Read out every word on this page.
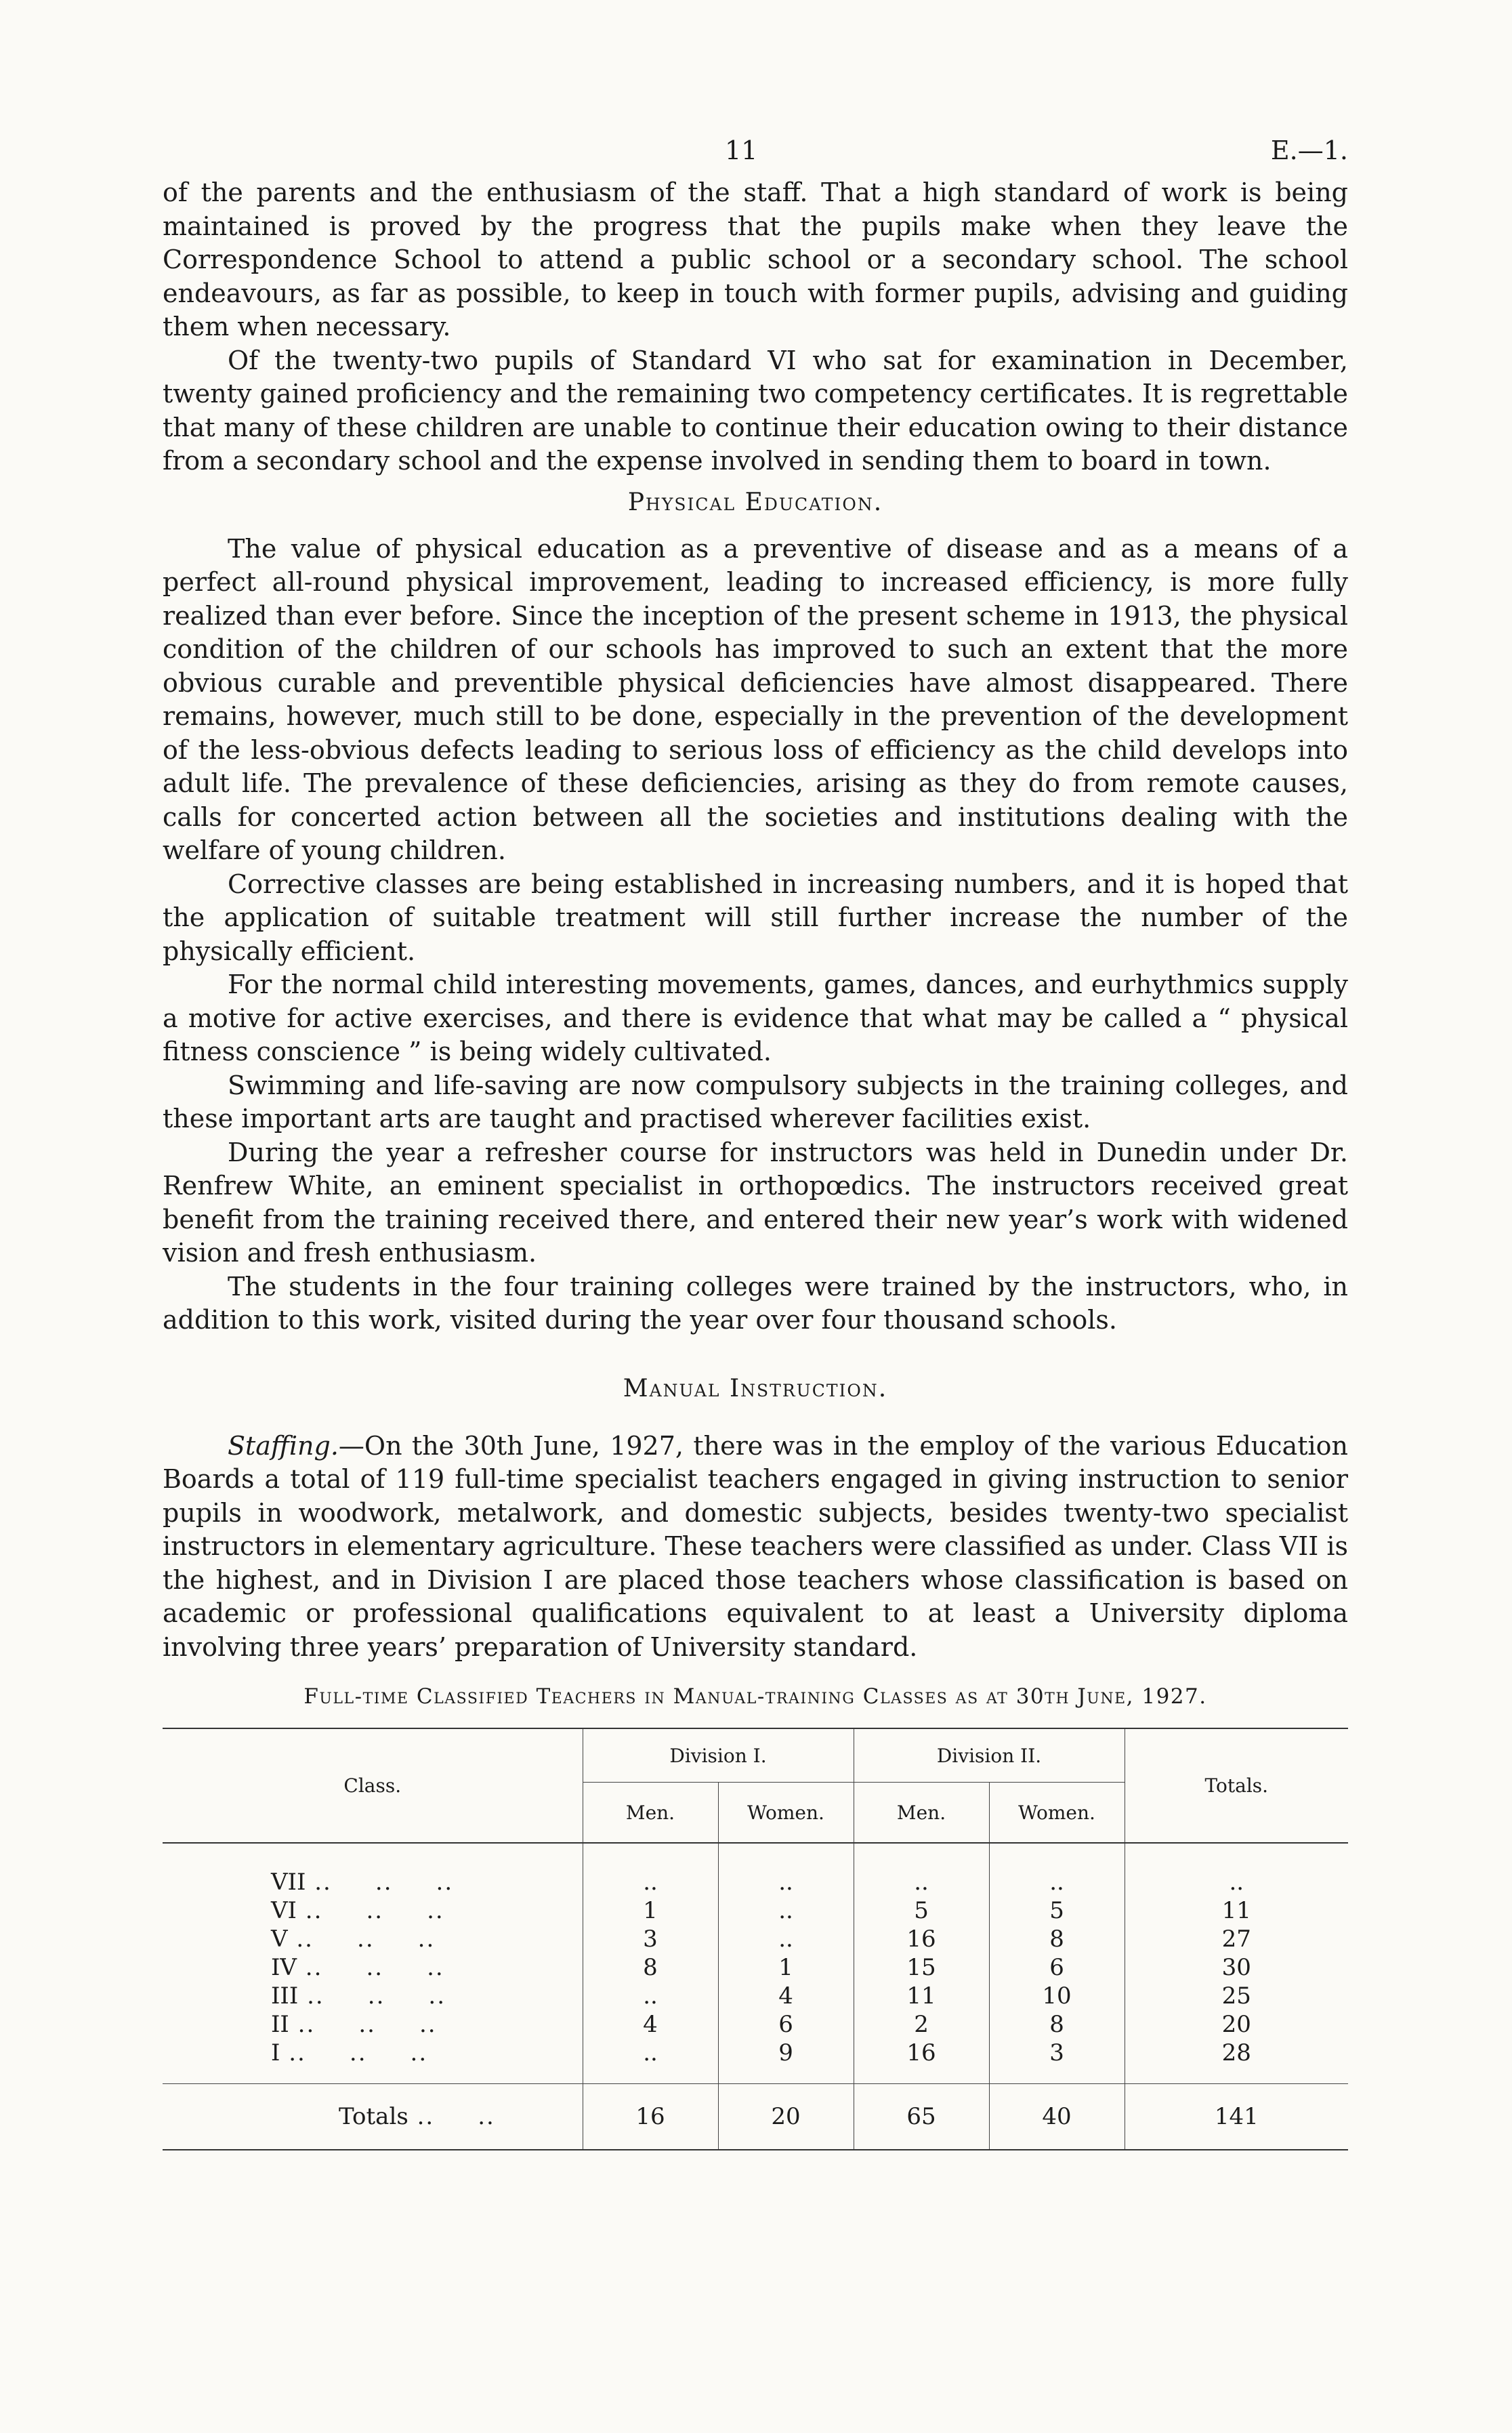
11	E.—1.

of the parents and the enthusiasm of the staff. That a high standard of work is being maintained is proved by the progress that the pupils make when they leave the Correspondence School to attend a public school or a secondary school. The school endeavours, as far as possible, to keep in touch with former pupils, advising and guiding them when necessary.

Of the twenty-two pupils of Standard VI who sat for examination in December, twenty gained proficiency and the remaining two competency certificates. It is regrettable that many of these children are unable to continue their education owing to their distance from a secondary school and the expense involved in sending them to board in town.

Physical Education.

The value of physical education as a preventive of disease and as a means of a perfect all-round physical improvement, leading to increased efficiency, is more fully realized than ever before. Since the inception of the present scheme in 1913, the physical condition of the children of our schools has improved to such an extent that the more obvious curable and preventible physical deficiencies have almost disappeared. There remains, however, much still to be done, especially in the prevention of the development of the less-obvious defects leading to serious loss of efficiency as the child develops into adult life. The prevalence of these deficiencies, arising as they do from remote causes, calls for concerted action between all the societies and institutions dealing with the welfare of young children.

Corrective classes are being established in increasing numbers, and it is hoped that the application of suitable treatment will still further increase the number of the physically efficient.

For the normal child interesting movements, games, dances, and eurhythmics supply a motive for active exercises, and there is evidence that what may be called a “ physical fitness conscience ” is being widely cultivated.

Swimming and life-saving are now compulsory subjects in the training colleges, and these important arts are taught and practised wherever facilities exist.

During the year a refresher course for instructors was held in Dunedin under Dr. Renfrew White, an eminent specialist in orthopœdics. The instructors received great benefit from the training received there, and entered their new year’s work with widened vision and fresh enthusiasm.

The students in the four training colleges were trained by the instructors, who, in addition to this work, visited during the year over four thousand schools.

Manual Instruction.

Staffing.—On the 30th June, 1927, there was in the employ of the various Education Boards a total of 119 full-time specialist teachers engaged in giving instruction to senior pupils in woodwork, metalwork, and domestic subjects, besides twenty-two specialist instructors in elementary agriculture. These teachers were classified as under. Class VII is the highest, and in Division I are placed those teachers whose classification is based on academic or professional qualifications equivalent to at least a University diploma involving three years’ preparation of University standard.

Full-time Classified Teachers in Manual-training Classes as at 30th June, 1927.
Class.	Division I.		Division II.		Totals.
	Men.	Women.	Men.	Women.	
VII ..     ..     ..	..	..	..	..	..
VI ..     ..     ..	1	..	5	5	11
V ..     ..     ..	3	..	16	8	27
IV ..     ..     ..	8	1	15	6	30
III ..     ..     ..	..	4	11	10	25
II ..     ..     ..	4	6	2	8	20
I ..     ..     ..	..	9	16	3	28
Totals ..     ..	16	20	65	40	141
